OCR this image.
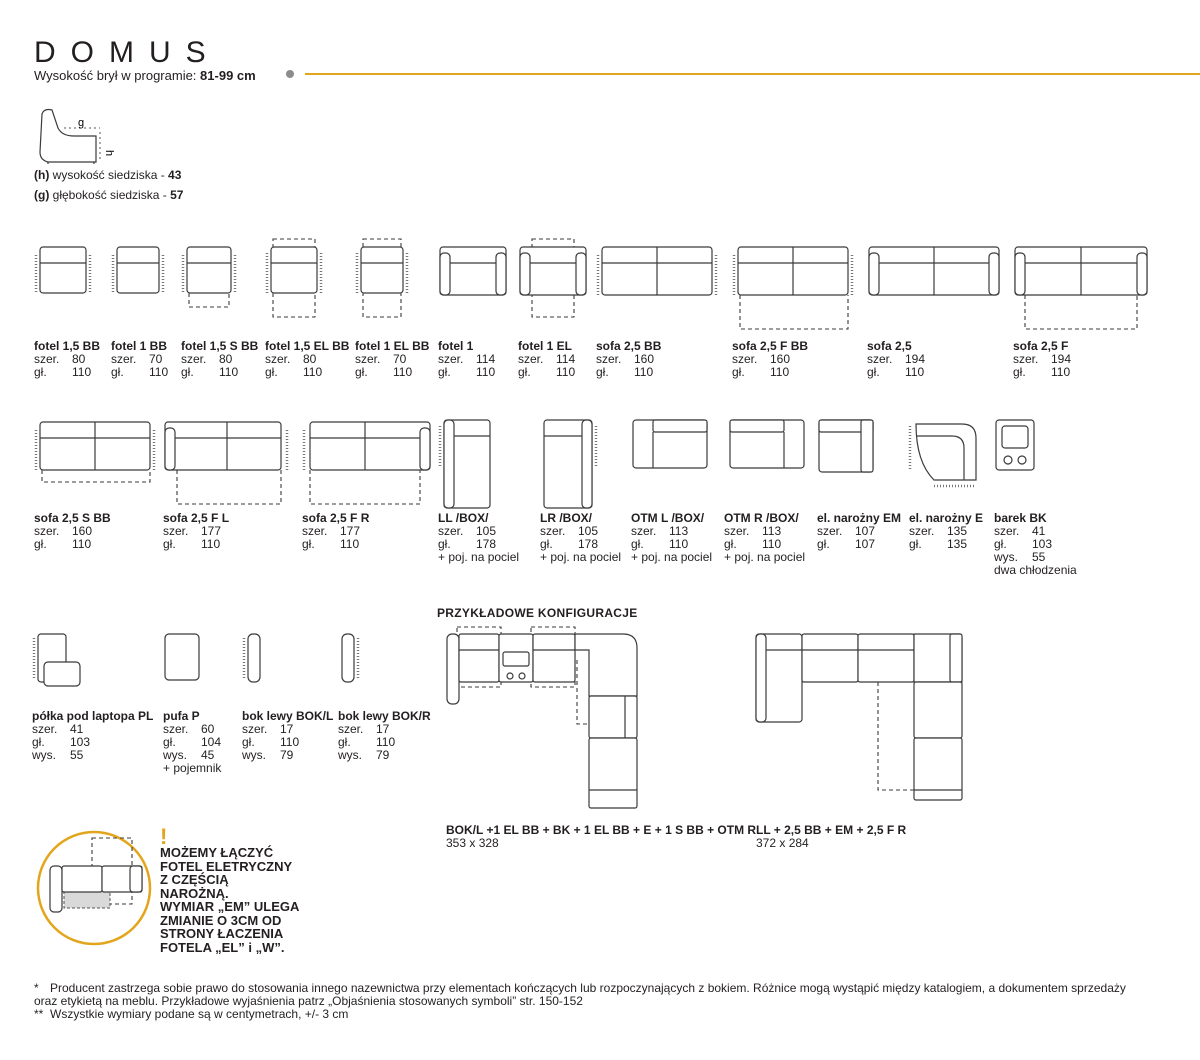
DOMUS
Wysokość brył w programie: 81-99 cm
g
h
(h) wysokość siedziska - 43
(g) głębokość siedziska - 57
fotel 1,5 BB
szer.	80
gł.	110
fotel 1 BB
szer.	70
gł.	110
fotel 1,5 S BB
szer.	80
gł.	110
fotel 1,5 EL BB
szer.	80
gł.	110
fotel 1 EL BB
szer.	70
gł.	110
fotel 1
szer.	114
gł.	110
fotel 1 EL
szer.	114
gł.	110
sofa 2,5 BB
szer.	160
gł.	110
sofa 2,5 F BB
szer.	160
gł.	110
sofa 2,5
szer.	194
gł.	110
sofa 2,5 F
szer.	194
gł.	110
sofa 2,5 S BB
szer.	160
gł.	110
sofa 2,5 F L
szer.	177
gł.	110
sofa 2,5 F R
szer.	177
gł.	110
LL /BOX/
szer.	105
gł.	178
+ poj. na pociel
LR /BOX/
szer.	105
gł.	178
+ poj. na pociel
OTM L /BOX/
szer.	113
gł.	110
+ poj. na pociel
OTM R /BOX/
szer.	113
gł.	110
+ poj. na pociel
el. narożny EM
szer.	107
gł.	107
el. narożny E
szer.	135
gł.	135
barek BK
szer.	41
gł.	103
wys.	55
dwa chłodzenia
półka pod laptopa PL
szer.	41
gł.	103
wys.	55
pufa P
szer.	60
gł.	104
wys.	45
+ pojemnik
bok lewy BOK/L
szer.	17
gł.	110
wys.	79
bok lewy BOK/R
szer.	17
gł.	110
wys.	79
PRZYKŁADOWE KONFIGURACJE
BOK/L +1 EL BB + BK + 1 EL BB + E + 1 S BB + OTM R
353 x 328
LL + 2,5 BB + EM + 2,5 F R
372 x 284
!
MOŻEMY ŁĄCZYĆ
FOTEL ELETRYCZNY
Z CZĘŚCIĄ
NAROŻNĄ.
WYMIAR „EM” ULEGA
ZMIANIE O 3CM OD
STRONY ŁACZENIA
FOTELA „EL” i „W”.
* Producent zastrzega sobie prawo do stosowania innego nazewnictwa przy elementach kończących lub rozpoczynających z bokiem. Różnice mogą wystąpić między katalogiem, a dokumentem sprzedaży oraz etykietą na meblu. Przykładowe wyjaśnienia patrz „Objaśnienia stosowanych symboli” str. 150-152
** Wszystkie wymiary podane są w centymetrach, +/- 3 cm
